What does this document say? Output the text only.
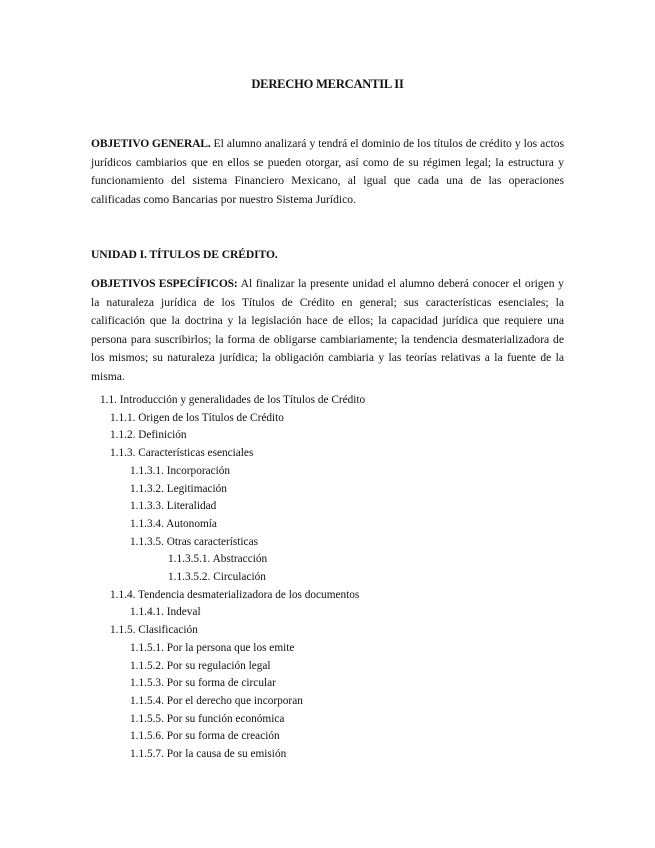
DERECHO MERCANTIL II

OBJETIVO GENERAL. El alumno analizará y tendrá el dominio de los títulos de crédito y los actos jurídicos cambiarios que en ellos se pueden otorgar, así como de su régimen legal; la estructura y funcionamiento del sistema Financiero Mexicano, al igual que cada una de las operaciones calificadas como Bancarias por nuestro Sistema Jurídico.

UNIDAD I. TÍTULOS DE CRÉDITO.

OBJETIVOS ESPECÍFICOS: Al finalizar la presente unidad el alumno deberá conocer el origen y la naturaleza jurídica de los Títulos de Crédito en general; sus características esenciales; la calificación que la doctrina y la legislación hace de ellos; la capacidad jurídica que requiere una persona para suscribirlos; la forma de obligarse cambiariamente; la tendencia desmaterializadora de los mismos; su naturaleza jurídica; la obligación cambiaria y las teorías relativas a la fuente de la misma.

1.1. Introducción y generalidades de los Títulos de Crédito
1.1.1. Origen de los Títulos de Crédito
1.1.2. Definición
1.1.3. Características esenciales
1.1.3.1. Incorporación
1.1.3.2. Legitimación
1.1.3.3. Literalidad
1.1.3.4. Autonomía
1.1.3.5. Otras características
1.1.3.5.1. Abstracción
1.1.3.5.2. Circulación
1.1.4. Tendencia desmaterializadora de los documentos
1.1.4.1. Indeval
1.1.5. Clasificación
1.1.5.1. Por la persona que los emite
1.1.5.2. Por su regulación legal
1.1.5.3. Por su forma de circular
1.1.5.4. Por el derecho que incorporan
1.1.5.5. Por su función económica
1.1.5.6. Por su forma de creación
1.1.5.7. Por la causa de su emisión
